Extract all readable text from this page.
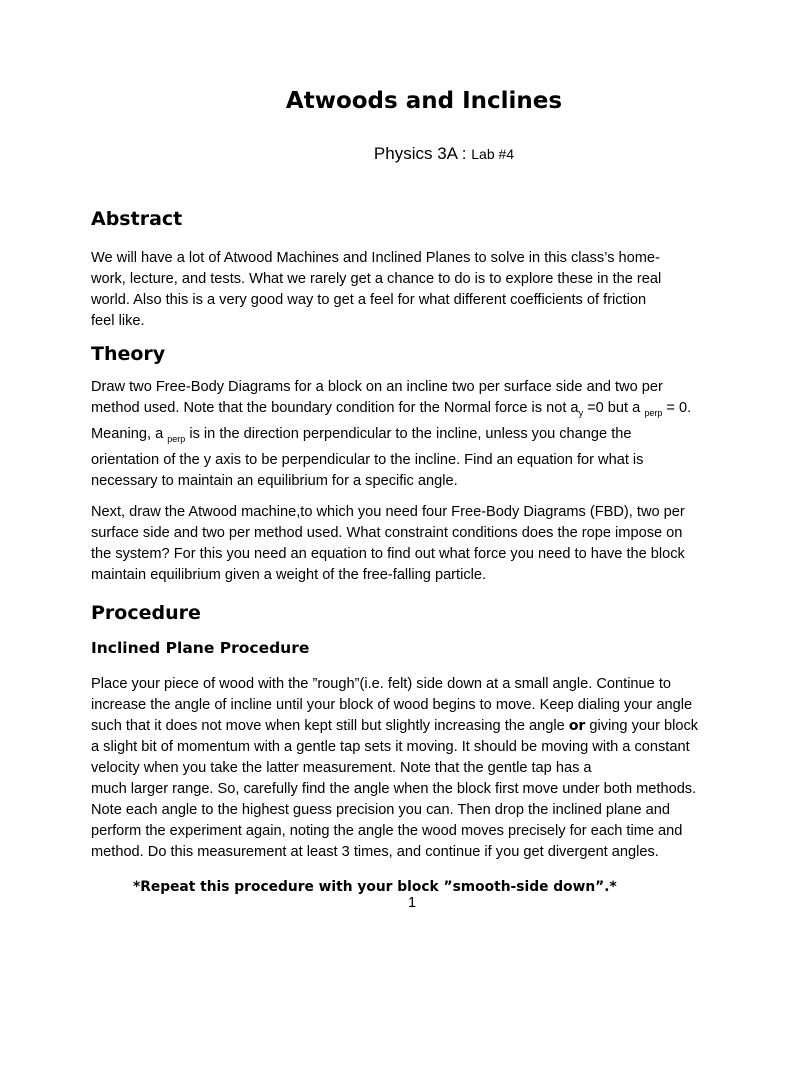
Atwoods and Inclines

Physics 3A : Lab #4

Abstract

We will have a lot of Atwood Machines and Inclined Planes to solve in this class’s home-
work, lecture, and tests. What we rarely get a chance to do is to explore these in the real
world. Also this is a very good way to get a feel for what different coefficients of friction
feel like.

Theory

Draw two Free-Body Diagrams for a block on an incline two per surface side and two per
method used. Note that the boundary condition for the Normal force is not $a_y =0$ but a $_{perp}$ = 0.
Meaning, a $_{perp}$ is in the direction perpendicular to the incline, unless you change the
orientation of the y axis to be perpendicular to the incline. Find an equation for what is
necessary to maintain an equilibrium for a specific angle.

Next, draw the Atwood machine,to which you need four Free-Body Diagrams (FBD), two per
surface side and two per method used. What constraint conditions does the rope impose on
the system? For this you need an equation to find out what force you need to have the block
maintain equilibrium given a weight of the free-falling particle.

Procedure
Inclined Plane Procedure

Place your piece of wood with the ”rough”(i.e. felt) side down at a small angle. Continue to
increase the angle of incline until your block of wood begins to move. Keep dialing your angle
such that it does not move when kept still but slightly increasing the angle or giving your block
a slight bit of momentum with a gentle tap sets it moving. It should be moving with a constant
velocity when you take the latter measurement. Note that the gentle tap has a
much larger range. So, carefully find the angle when the block first move under both methods.
Note each angle to the highest guess precision you can. Then drop the inclined plane and
perform the experiment again, noting the angle the wood moves precisely for each time and
method. Do this measurement at least 3 times, and continue if you get divergent angles.

*Repeat this procedure with your block ”smooth-side down”.*

1
